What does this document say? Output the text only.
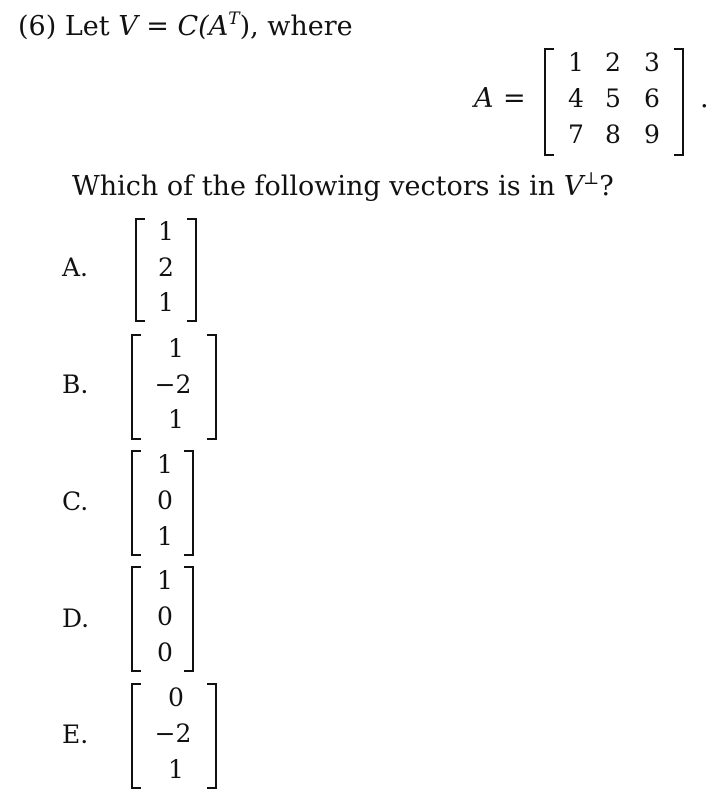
(6) Let $V = C(A^T)$, where
A =
1 2 3
4 5 6
7 8 9
.
Which of the following vectors is in V⊥?
A.
1
2
1
B.
1
−2
1
C.
1
0
1
D.
1
0
0
E.
0
−2
1
